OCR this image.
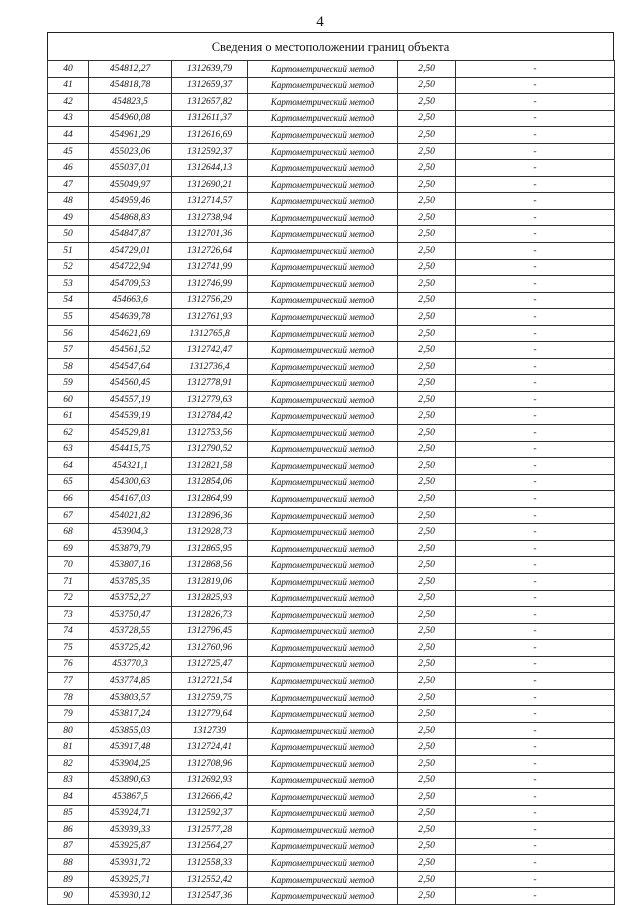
4
Сведения о местоположении границ объекта
40	454812,27	1312639,79	Картометрический метод	2,50	-
41	454818,78	1312659,37	Картометрический метод	2,50	-
42	454823,5	1312657,82	Картометрический метод	2,50	-
43	454960,08	1312611,37	Картометрический метод	2,50	-
44	454961,29	1312616,69	Картометрический метод	2,50	-
45	455023,06	1312592,37	Картометрический метод	2,50	-
46	455037,01	1312644,13	Картометрический метод	2,50	-
47	455049,97	1312690,21	Картометрический метод	2,50	-
48	454959,46	1312714,57	Картометрический метод	2,50	-
49	454868,83	1312738,94	Картометрический метод	2,50	-
50	454847,87	1312701,36	Картометрический метод	2,50	-
51	454729,01	1312726,64	Картометрический метод	2,50	-
52	454722,94	1312741,99	Картометрический метод	2,50	-
53	454709,53	1312746,99	Картометрический метод	2,50	-
54	454663,6	1312756,29	Картометрический метод	2,50	-
55	454639,78	1312761,93	Картометрический метод	2,50	-
56	454621,69	1312765,8	Картометрический метод	2,50	-
57	454561,52	1312742,47	Картометрический метод	2,50	-
58	454547,64	1312736,4	Картометрический метод	2,50	-
59	454560,45	1312778,91	Картометрический метод	2,50	-
60	454557,19	1312779,63	Картометрический метод	2,50	-
61	454539,19	1312784,42	Картометрический метод	2,50	-
62	454529,81	1312753,56	Картометрический метод	2,50	-
63	454415,75	1312790,52	Картометрический метод	2,50	-
64	454321,1	1312821,58	Картометрический метод	2,50	-
65	454300,63	1312854,06	Картометрический метод	2,50	-
66	454167,03	1312864,99	Картометрический метод	2,50	-
67	454021,82	1312896,36	Картометрический метод	2,50	-
68	453904,3	1312928,73	Картометрический метод	2,50	-
69	453879,79	1312865,95	Картометрический метод	2,50	-
70	453807,16	1312868,56	Картометрический метод	2,50	-
71	453785,35	1312819,06	Картометрический метод	2,50	-
72	453752,27	1312825,93	Картометрический метод	2,50	-
73	453750,47	1312826,73	Картометрический метод	2,50	-
74	453728,55	1312796,45	Картометрический метод	2,50	-
75	453725,42	1312760,96	Картометрический метод	2,50	-
76	453770,3	1312725,47	Картометрический метод	2,50	-
77	453774,85	1312721,54	Картометрический метод	2,50	-
78	453803,57	1312759,75	Картометрический метод	2,50	-
79	453817,24	1312779,64	Картометрический метод	2,50	-
80	453855,03	1312739	Картометрический метод	2,50	-
81	453917,48	1312724,41	Картометрический метод	2,50	-
82	453904,25	1312708,96	Картометрический метод	2,50	-
83	453890,63	1312692,93	Картометрический метод	2,50	-
84	453867,5	1312666,42	Картометрический метод	2,50	-
85	453924,71	1312592,37	Картометрический метод	2,50	-
86	453939,33	1312577,28	Картометрический метод	2,50	-
87	453925,87	1312564,27	Картометрический метод	2,50	-
88	453931,72	1312558,33	Картометрический метод	2,50	-
89	453925,71	1312552,42	Картометрический метод	2,50	-
90	453930,12	1312547,36	Картометрический метод	2,50	-
